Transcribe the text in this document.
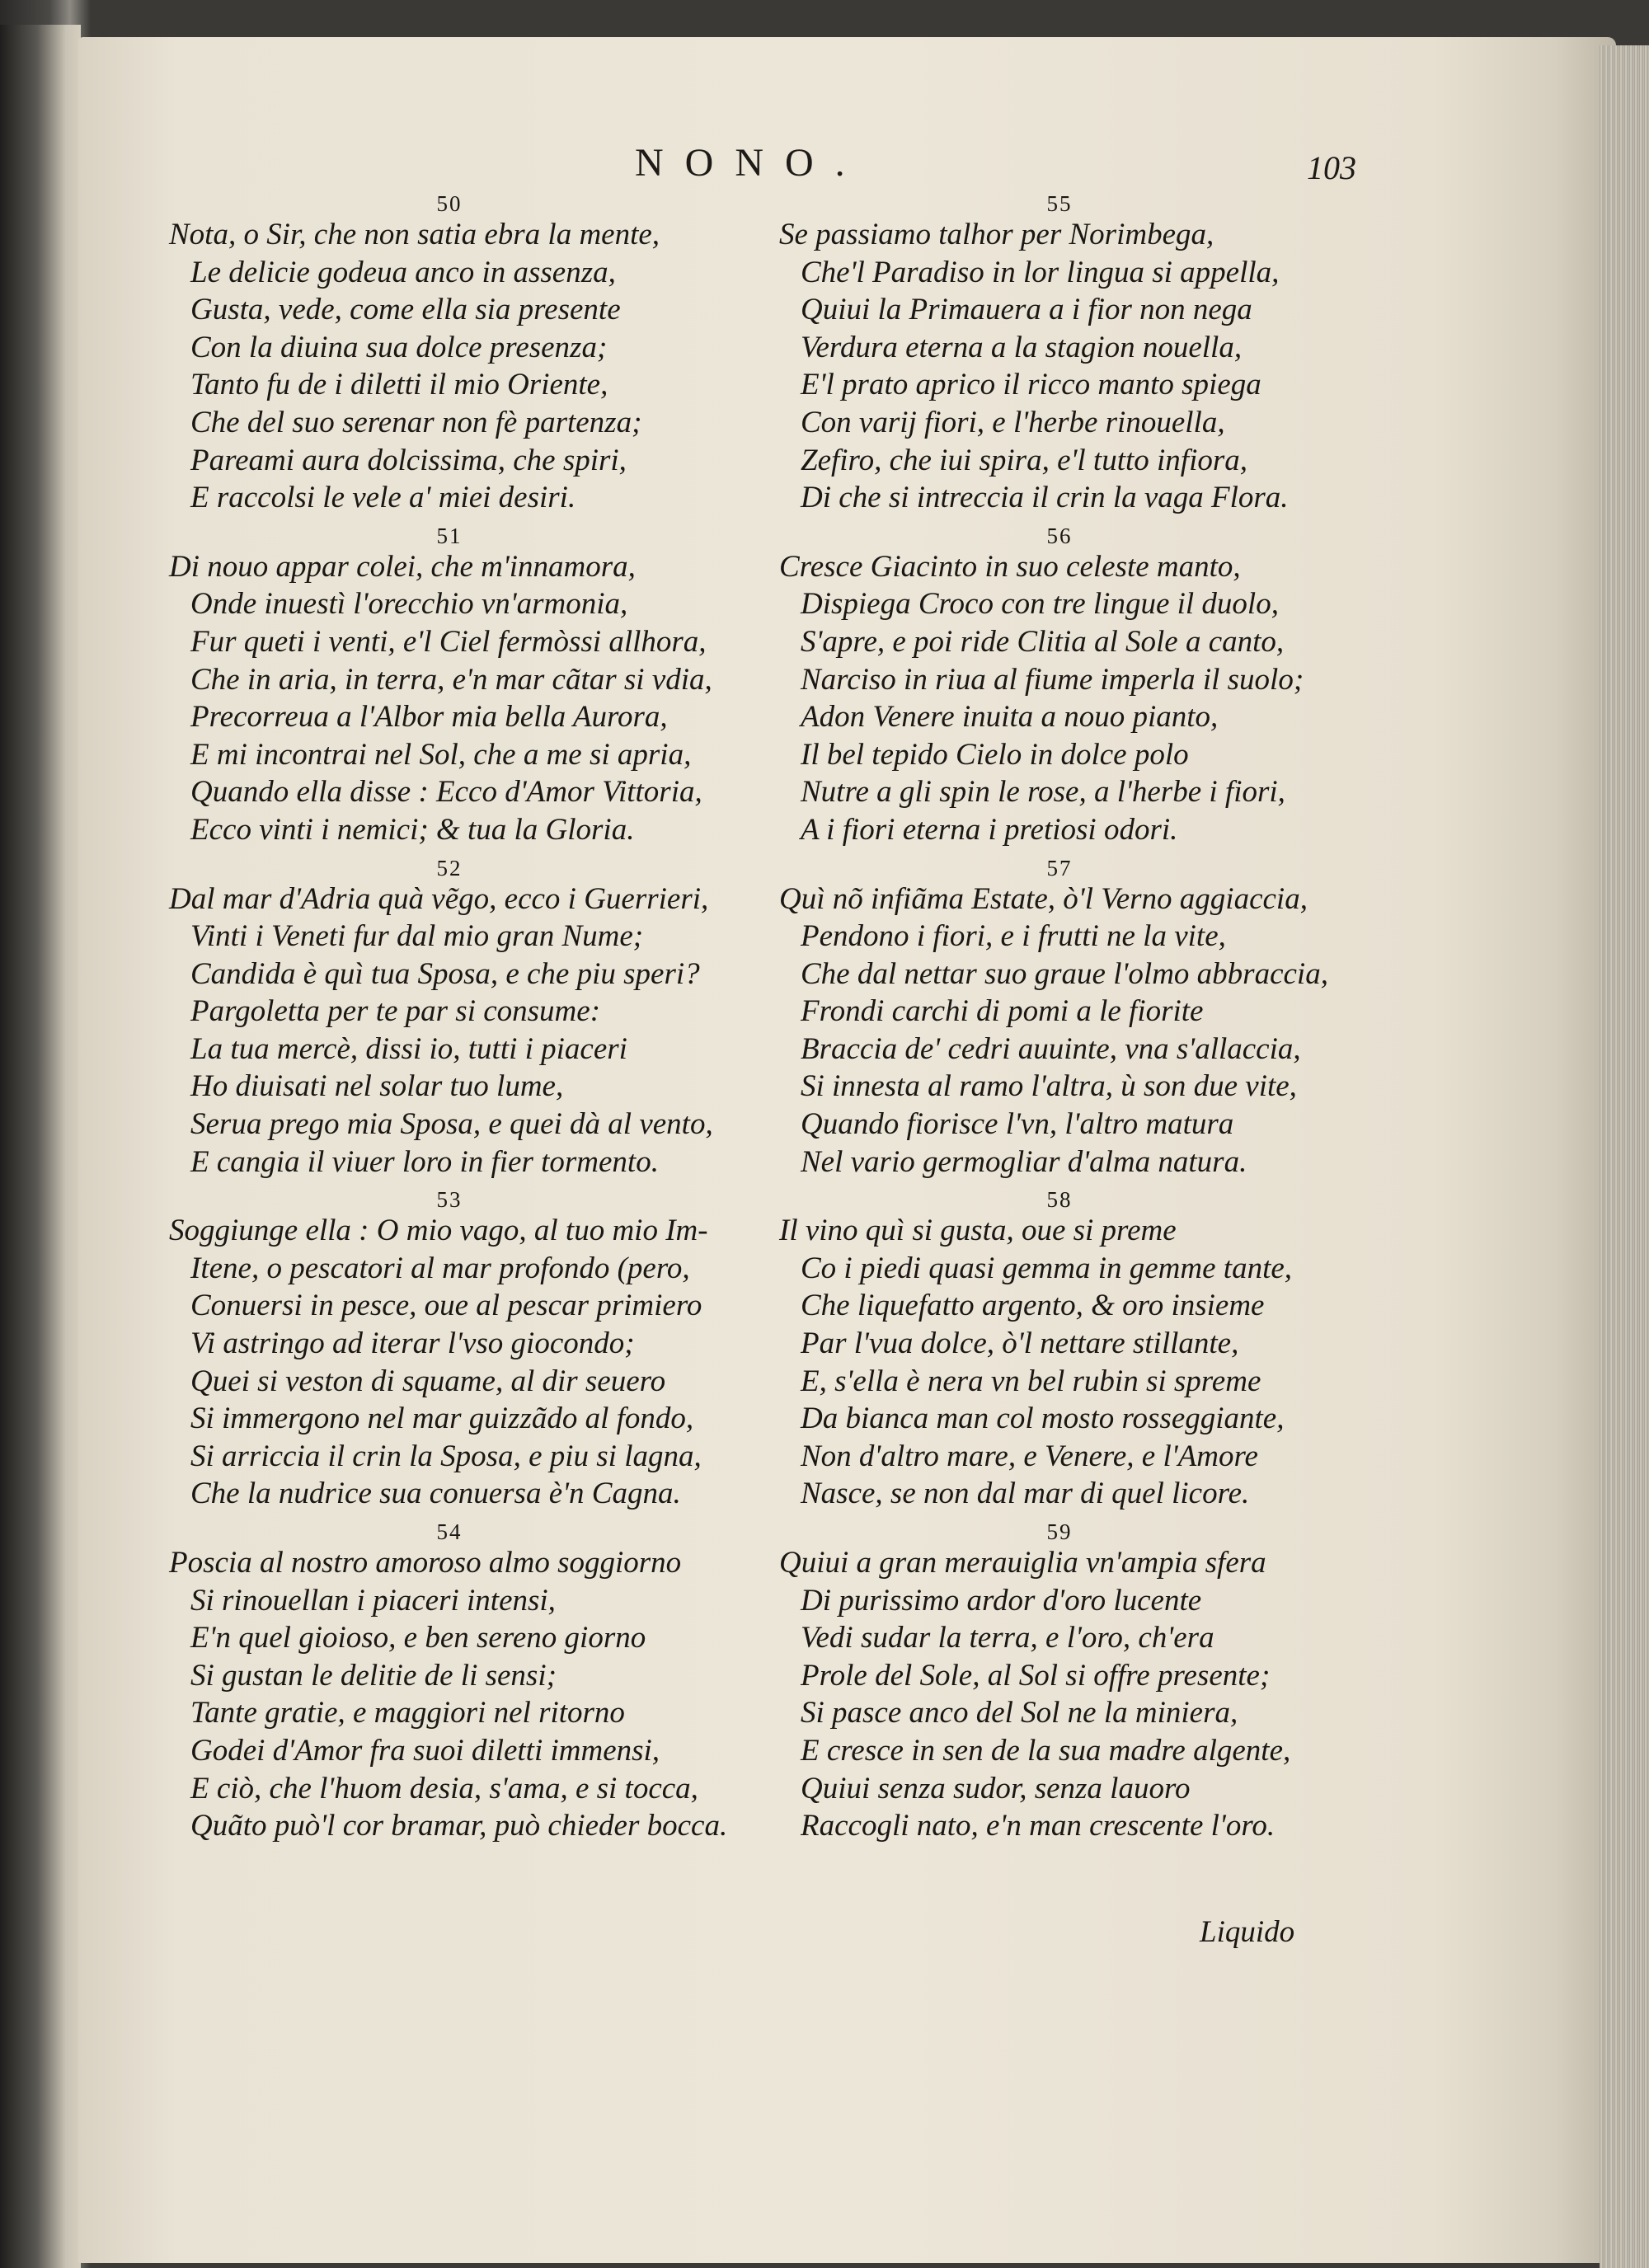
NONO.	103
50
Nota, o Sir, che non satia ebra la mente,
Le delicie godeua anco in assenza,
Gusta, vede, come ella sia presente
Con la diuina sua dolce presenza;
Tanto fu de i diletti il mio Oriente,
Che del suo serenar non fè partenza;
Pareami aura dolcissima, che spiri,
E raccolsi le vele a' miei desiri.
51
Di nouo appar colei, che m'innamora,
Onde inuestì l'orecchio vn'armonia,
Fur queti i venti, e'l Ciel fermòssi allhora,
Che in aria, in terra, e'n mar cãtar si vdia,
Precorreua a l'Albor mia bella Aurora,
E mi incontrai nel Sol, che a me si apria,
Quando ella disse : Ecco d'Amor Vittoria,
Ecco vinti i nemici; & tua la Gloria.
52
Dal mar d'Adria quà vẽgo, ecco i Guerrieri,
Vinti i Veneti fur dal mio gran Nume;
Candida è quì tua Sposa, e che piu speri?
Pargoletta per te par si consume:
La tua mercè, dissi io, tutti i piaceri
Ho diuisati nel solar tuo lume,
Serua prego mia Sposa, e quei dà al vento,
E cangia il viuer loro in fier tormento.
53
Soggiunge ella : O mio vago, al tuo mio Im-
Itene, o pescatori al mar profondo (pero,
Conuersi in pesce, oue al pescar primiero
Vi astringo ad iterar l'vso giocondo;
Quei si veston di squame, al dir seuero
Si immergono nel mar guizzãdo al fondo,
Si arriccia il crin la Sposa, e piu si lagna,
Che la nudrice sua conuersa è'n Cagna.
54
Poscia al nostro amoroso almo soggiorno
Si rinouellan i piaceri intensi,
E'n quel gioioso, e ben sereno giorno
Si gustan le delitie de li sensi;
Tante gratie, e maggiori nel ritorno
Godei d'Amor fra suoi diletti immensi,
E ciò, che l'huom desia, s'ama, e si tocca,
Quãto può'l cor bramar, può chieder bocca.
55
Se passiamo talhor per Norimbega,
Che'l Paradiso in lor lingua si appella,
Quiui la Primauera a i fior non nega
Verdura eterna a la stagion nouella,
E'l prato aprico il ricco manto spiega
Con varij fiori, e l'herbe rinouella,
Zefiro, che iui spira, e'l tutto infiora,
Di che si intreccia il crin la vaga Flora.
56
Cresce Giacinto in suo celeste manto,
Dispiega Croco con tre lingue il duolo,
S'apre, e poi ride Clitia al Sole a canto,
Narciso in riua al fiume imperla il suolo;
Adon Venere inuita a nouo pianto,
Il bel tepido Cielo in dolce polo
Nutre a gli spin le rose, a l'herbe i fiori,
A i fiori eterna i pretiosi odori.
57
Quì nõ infiãma Estate, ò'l Verno aggiaccia,
Pendono i fiori, e i frutti ne la vite,
Che dal nettar suo graue l'olmo abbraccia,
Frondi carchi di pomi a le fiorite
Braccia de' cedri auuinte, vna s'allaccia,
Si innesta al ramo l'altra, ù son due vite,
Quando fiorisce l'vn, l'altro matura
Nel vario germogliar d'alma natura.
58
Il vino quì si gusta, oue si preme
Co i piedi quasi gemma in gemme tante,
Che liquefatto argento, & oro insieme
Par l'vua dolce, ò'l nettare stillante,
E, s'ella è nera vn bel rubin si spreme
Da bianca man col mosto rosseggiante,
Non d'altro mare, e Venere, e l'Amore
Nasce, se non dal mar di quel licore.
59
Quiui a gran merauiglia vn'ampia sfera
Di purissimo ardor d'oro lucente
Vedi sudar la terra, e l'oro, ch'era
Prole del Sole, al Sol si offre presente;
Si pasce anco del Sol ne la miniera,
E cresce in sen de la sua madre algente,
Quiui senza sudor, senza lauoro
Raccogli nato, e'n man crescente l'oro.
Liquido
